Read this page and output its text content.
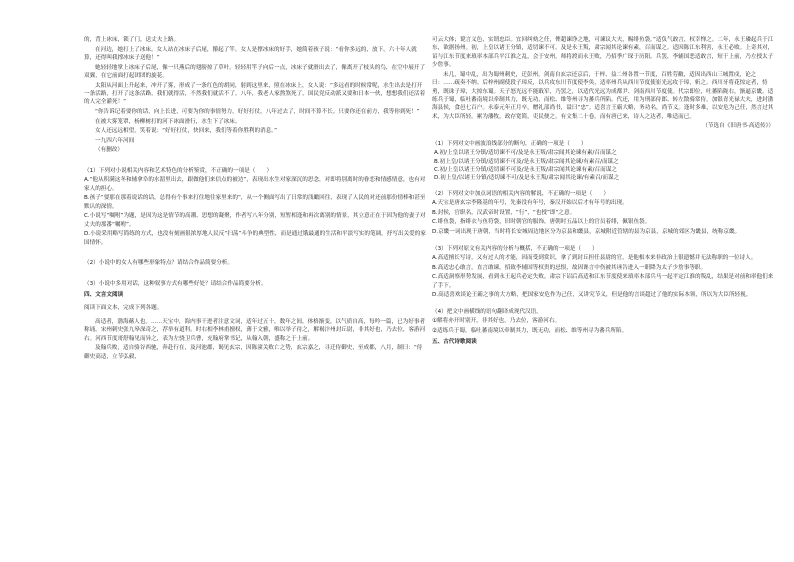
的，背上冰床，锁了门，送丈夫上路。

在河边，她打上了冰床。女人站在冰床子后尾，攥起了竿。女人是撑冰床的好手，她简着孩子说：“看你多远的，放下，六十年人就算，还得叫我撑冰床子送他！”

她轻轻地掌上冰床子后尾，像一只燕后的翅膀掠了草叶。轻轻用竿子向后一点，冰床子就滑出去了，像离开了枝头的鸟，在空中展开了双翼，在它前面打起团团的旋花。

太阳从河面上升起来，冲开了雾，形成了一条红色的胡同，射到这里来，照在冰床上，女人说：“多远看的时候常呢，水生出去是打开一条活路，打开了这条活路，我们就得活，不然我们就活不了。八年，我老人家熬煞死了，国民党反动派又要和日本一伙，想想我们还活着的人完全灌死！”

“你告诉记着要你的话，向上长进，可要为你的事情努力，好好打仗，八年过去了，时间不算不长。只要你还在前方，我等你到死！”

在被大雾笼罩，杨柳树打的河下冰面滑行，水生下了冰床。

女人还远远相望，笑着说：“好好打仗，快回来，我们等着你胜利的消息。”

一九四六年河间

（有删改）

（1）下列对小说相关内容和艺术特色的分析鉴赏，不正确的一项是（　　）

A.“他从积满这冬和辅拿阜的水湄里出去，跟做他们来信点的被边”，表现出水生对家深沉的思念，对即将别离时的眷恋和情感情意，也有对家人的担心。

B.孩子“要那在那着说话的话，总得有个事来打住地往家里来的”，从一个侧面写出了日常的浅瞰回往，表现了人民的对还前那份情棒和甚至默认的深情。

C.小说写“嘱咐”为题，是因为这是情节的高潮、思想的凝聚，作者写八年分别，短暂相逢和再次离别的情景，其立意正在于因为他的妻子对丈夫的那番“嘱咐”。

D.小说采用略写简练的方式，也没有刻画很浓厚地人民反“扫荡”斗争的典型性，而是通过饿最通的生活和平淡写实的笔调，抒写出关爱的家国情怀。

（2）小说中的女人有哪些形象特点？请结合作品简要分析。
（3）小说中多用对话，这种叙事方式有哪些好处？请结合作品简要分析。
四、文言文阅读
阅读下面文本，完成下列各题。

高适者，渤海蓨人也。……天宝中，海内事干进者注意文词，适年过五十，数年之间，体格渐变，以气质自高，每吟一篇，已为好事者称诵。宋州刺史张九皋深奇之，荐举有道科。时右相李林甫擅权，薄于文雅，唯以举子待之，解褐汴州封丘尉，非其好也，乃去位，客游河右。河西节度哥舒翰见而异之，表为左骁卫兵曹，充翰府掌书记，从翰入朝，盛称之于上前。

及翰兵败，适自骆谷西驰，奔赴行在，及河池郡，谒见玄宗，因陈潼关败亡之势，玄宗嘉之，寻迁侍御史，至成都，八月，制曰：“侍御史高适，立节弘毅，

可云大体；谠言义色，实谓忠臣。宜回纠劾之任，俾超谏诤之地，可谏议大夫，赐绯鱼袋。”适负气敢言，权幸惮之。二年，永王璘起兵于江东，欲据扬州。初，上皇以诸王分镇，适切谏不可。及是永王叛，肃宗闻其论谏有素，召而谋之。适因陈江东利害，永王必败。上奇其对，诏与江东节度来瑱率本部兵平江淮之乱，会于安州。师将渡而永王败，乃招季广琛于历阳。兵罢，李辅国恶适敢言，短于上前，乃左授太子少詹事。

未几，蜀中乱，出为蜀州刺史，迁彭州。剑南自玄宗还京后，于梓、益二州各置一节度，百姓劳敝，适因出西山三城置戍，论之曰：……疏奏不纳。后梓州副使段子璋反，以兵攻东川节度使李奂，适率州兵从西川节度使崔光远攻于璋，斩之。西川牙将花惊定者，恃勇，既诛子璋，大掠东蜀。天子怒光远不能戢军，乃罢之，以适代光远为成都尹、剑南西川节度使。代宗即位，吐蕃陷陇右，渐逼京畿。适练兵于蜀，临吐蕃南境以牵制其力，既无功，而松、维等州寻为蕃兵所陷。代还，用为刑部侍郎、转左散骑常侍，加银青光禄大夫，进封渤海县侯，食邑七百户。永泰元年正月卒，赠礼部尚书，谥曰“忠”。适喜言王霸大略，务功名，尚节义。逢时多难，以安危为己任，然言过其术，为大臣所轻。累为藩牧，政存宽简，吏民便之。有文集二十卷。而有唐已来，诗人之达者，唯适而已。

（节选自《旧唐书·高适传》）
（1）下列对文中画波浪线部分的断句，正确的一项是（　　）
A.初/上皇以诸王分镇/适切谏不可/及是永王叛/肃宗闻其论谏有素/召而谋之
B.初上皇/以诸王分镇/适切谏不可及/是永王叛/肃宗闻其论谏/有素召/而谋之
C.初/上皇以诸王分镇/适切谏不可及/是永王叛/肃宗闻其论谏有素/召而谋之
D.初上皇/以诸王分镇/适切谏不可/及是永王叛/肃宗闻其论谏/有素召/而谋之
（2）下列对文中加点词语的相关内容的解说，不正确的一项是（　　）

A.天宝是唐玄宗李隆基的年号，先秦没有年号，秦汉开始以后才有年号的出现。

B.封侯，官职名，汉武帝时设置，“行”，“也授”即“之意。

C.绯鱼袋，指绯衣与鱼符袋，旧时朝官的服饰，唐朝时五品以上的官员着绯，佩银鱼袋。

D.京畿一词出现于唐朝，当时将长安城周边地区分为京县和畿县，京城附近管辖的县为京县，京城的郊区为畿县，统称京畿。

（3）下列对原文有关内容的分析与概括，不正确的一项是（　　）

A.高适擅长写诗，又有过人的才能，因而受到赏识，拿了到封丘担任县尉的官，是他根本来非政治上很遗憾并无法称职的一位诗人。

B.高适忠心敢言，直言敢谏，招致李辅国等权贵的忌恨，故因谗言中伤被其诬告进入一职降为太子少詹事等职。

C.高适洞察形势发展，看到永王起兵必定失败，肃宗下诏后高适和江东节度使来瑱率本部兵马一起平定江淮的叛乱，结果是对前和率他们来了手下。

D.高适喜欢谈论王霸之事的大方略，把国家安危作为己任，又讲究节义，但是他的言谈超过了他的实际本领，所以为大臣所轻视。

（4）把文中画横线的语句翻译成现代汉语。

①解将亦开时别开，非其好也，乃去位，客游河右。

②适练兵于蜀，临吐蕃南境以牵制其力，既无功，而松、维等州寻为蕃兵所陷。

五、古代诗歌阅读
